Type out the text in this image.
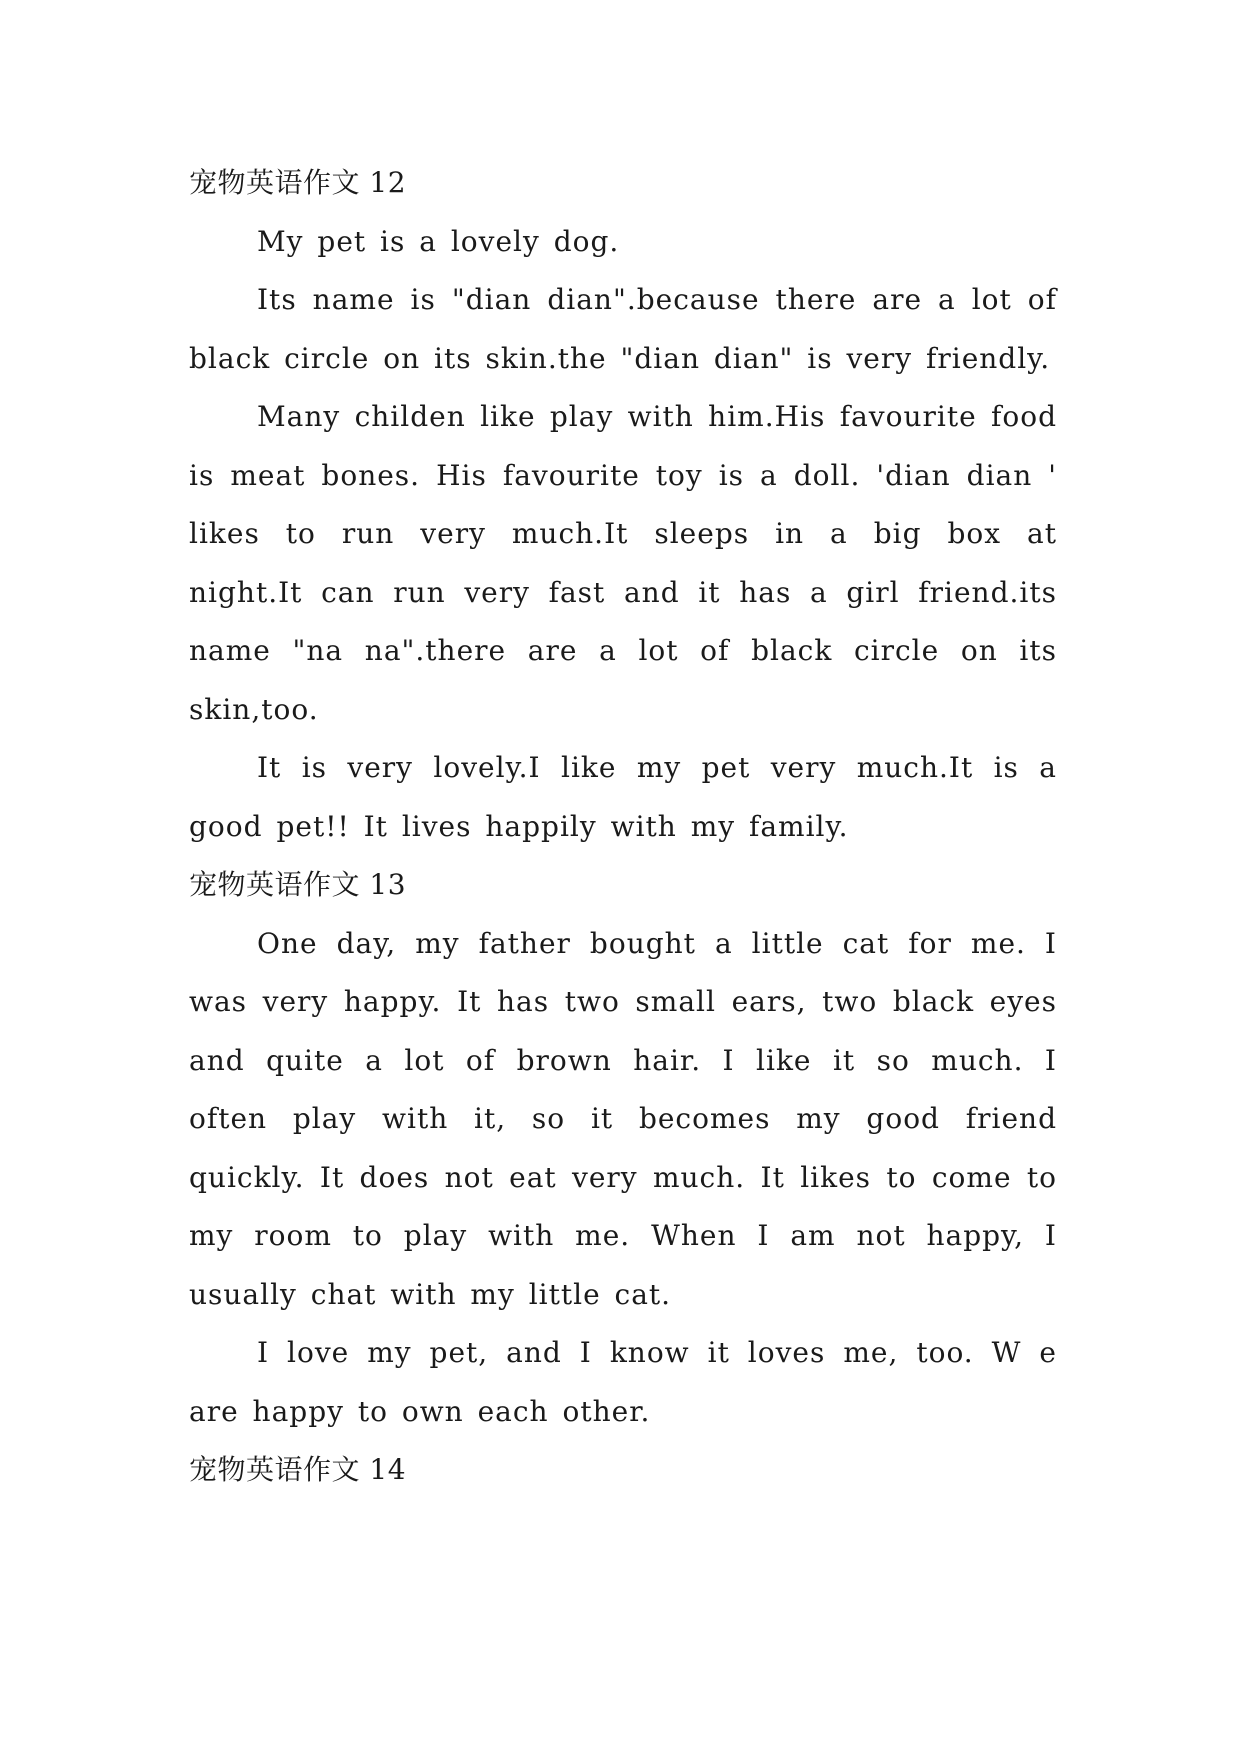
宠物英语作文 12

My pet is a lovely dog.

Its name is "dian dian".because there are a lot of black circle on its skin.the "dian dian" is very friendly.

Many childen like play with him.His favourite food is meat bones. His favourite toy is a doll. 'dian dian ' likes to run very much.It sleeps in a big box at night.It can run very fast and it has a girl friend.its name "na na".there are a lot of black circle on its skin,too.

It is very lovely.I like my pet very much.It is a good pet!! It lives happily with my family.

宠物英语作文 13

One day, my father bought a little cat for me. I was very happy. It has two small ears, two black eyes and quite a lot of brown hair. I like it so much. I often play with it, so it becomes my good friend quickly. It does not eat very much. It likes to come to my room to play with me. When I am not happy, I usually chat with my little cat.

I love my pet, and I know it loves me, too. W e are happy to own each other.

宠物英语作文 14
